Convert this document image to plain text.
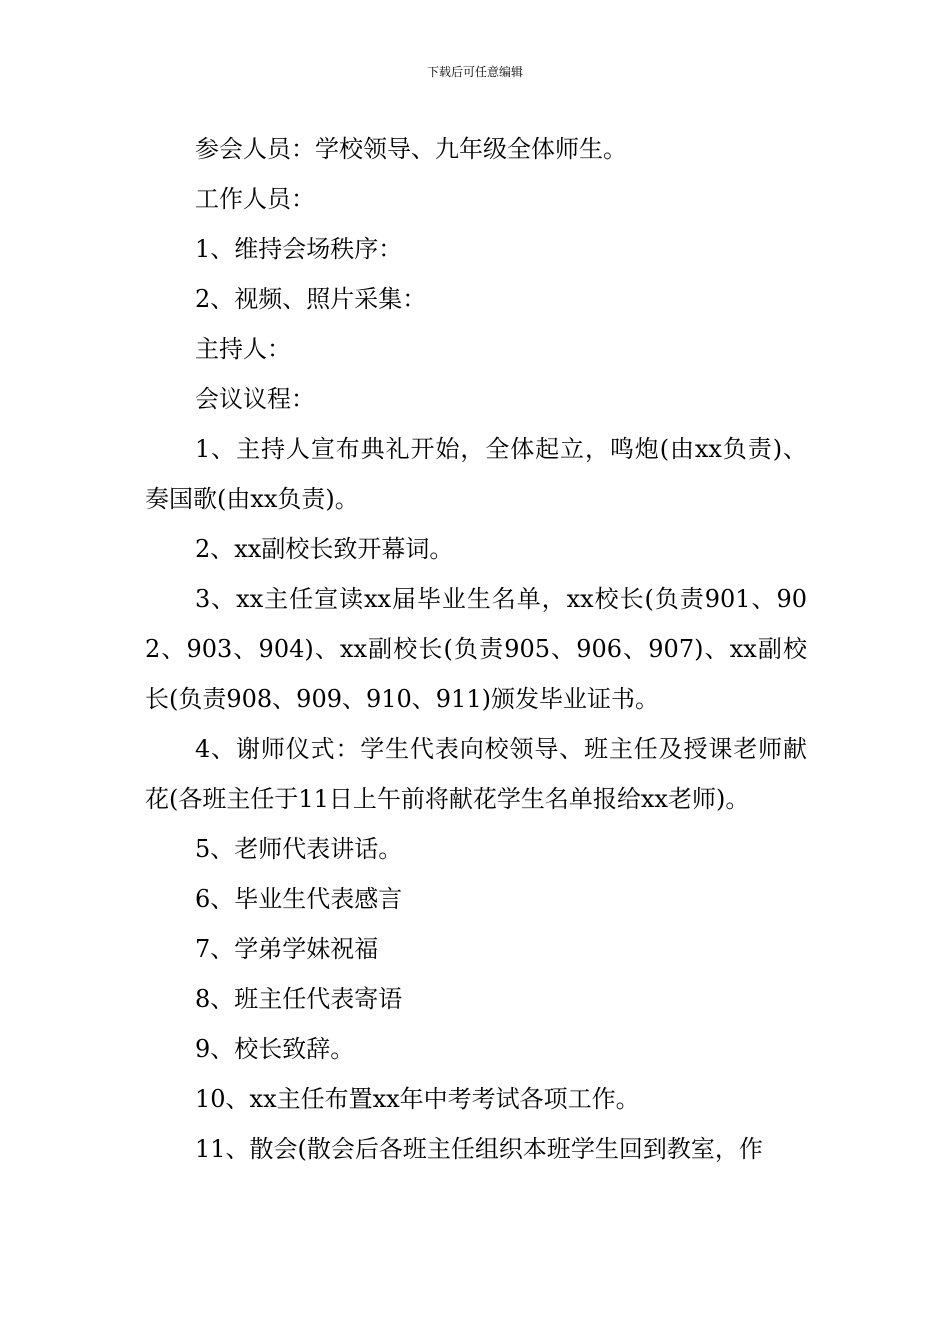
下载后可任意编辑

参会人员：学校领导、九年级全体师生。

工作人员：

1、维持会场秩序：

2、视频、照片采集：

主持人：

会议议程：

1、主持人宣布典礼开始，全体起立，鸣炮(由xx负责)、奏国歌(由xx负责)。

2、xx副校长致开幕词。

3、xx主任宣读xx届毕业生名单，xx校长(负责901、902、903、904)、xx副校长(负责905、906、907)、xx副校长(负责908、909、910、911)颁发毕业证书。

4、谢师仪式：学生代表向校领导、班主任及授课老师献花(各班主任于11日上午前将献花学生名单报给xx老师)。

5、老师代表讲话。

6、毕业生代表感言

7、学弟学妹祝福

8、班主任代表寄语

9、校长致辞。

10、xx主任布置xx年中考考试各项工作。

11、散会(散会后各班主任组织本班学生回到教室，作
